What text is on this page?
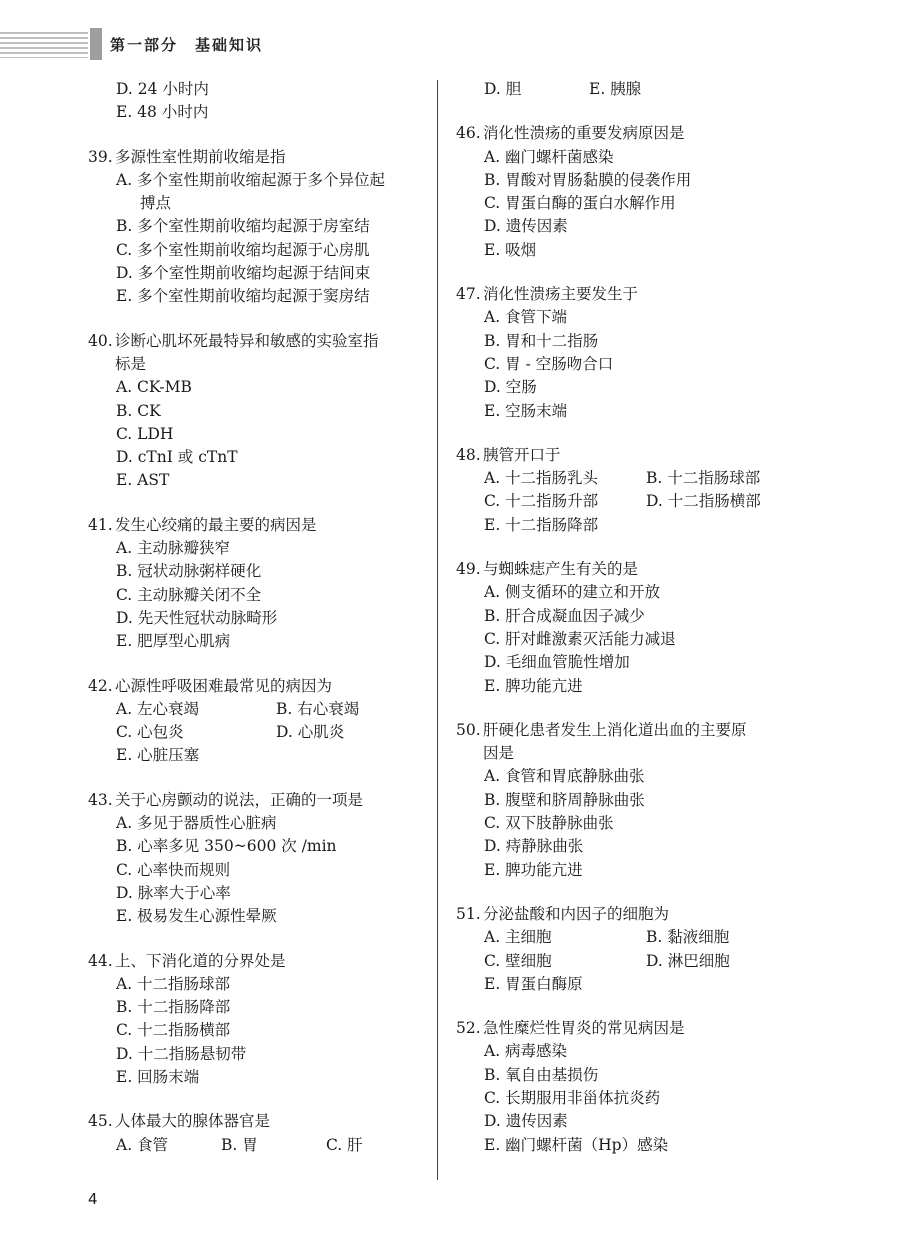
第一部分　基础知识
D. 24 小时内
E. 48 小时内
39. 多源性室性期前收缩是指
A. 多个室性期前收缩起源于多个异位起
搏点
B. 多个室性期前收缩均起源于房室结
C. 多个室性期前收缩均起源于心房肌
D. 多个室性期前收缩均起源于结间束
E. 多个室性期前收缩均起源于窦房结
40. 诊断心肌坏死最特异和敏感的实验室指
标是
A. CK-MB
B. CK
C. LDH
D. cTnI 或 cTnT
E. AST
41. 发生心绞痛的最主要的病因是
A. 主动脉瓣狭窄
B. 冠状动脉粥样硬化
C. 主动脉瓣关闭不全
D. 先天性冠状动脉畸形
E. 肥厚型心肌病
42. 心源性呼吸困难最常见的病因为
A. 左心衰竭	B. 右心衰竭
C. 心包炎	D. 心肌炎
E. 心脏压塞
43. 关于心房颤动的说法，正确的一项是
A. 多见于器质性心脏病
B. 心率多见 350~600 次 /min
C. 心率快而规则
D. 脉率大于心率
E. 极易发生心源性晕厥
44. 上、下消化道的分界处是
A. 十二指肠球部
B. 十二指肠降部
C. 十二指肠横部
D. 十二指肠悬韧带
E. 回肠末端
45. 人体最大的腺体器官是
A. 食管	B. 胃	C. 肝
D. 胆	E. 胰腺
46. 消化性溃疡的重要发病原因是
A. 幽门螺杆菌感染
B. 胃酸对胃肠黏膜的侵袭作用
C. 胃蛋白酶的蛋白水解作用
D. 遗传因素
E. 吸烟
47. 消化性溃疡主要发生于
A. 食管下端
B. 胃和十二指肠
C. 胃 - 空肠吻合口
D. 空肠
E. 空肠末端
48. 胰管开口于
A. 十二指肠乳头	B. 十二指肠球部
C. 十二指肠升部	D. 十二指肠横部
E. 十二指肠降部
49. 与蜘蛛痣产生有关的是
A. 侧支循环的建立和开放
B. 肝合成凝血因子减少
C. 肝对雌激素灭活能力减退
D. 毛细血管脆性增加
E. 脾功能亢进
50. 肝硬化患者发生上消化道出血的主要原
因是
A. 食管和胃底静脉曲张
B. 腹壁和脐周静脉曲张
C. 双下肢静脉曲张
D. 痔静脉曲张
E. 脾功能亢进
51. 分泌盐酸和内因子的细胞为
A. 主细胞	B. 黏液细胞
C. 壁细胞	D. 淋巴细胞
E. 胃蛋白酶原
52. 急性糜烂性胃炎的常见病因是
A. 病毒感染
B. 氧自由基损伤
C. 长期服用非甾体抗炎药
D. 遗传因素
E. 幽门螺杆菌（Hp）感染
4
